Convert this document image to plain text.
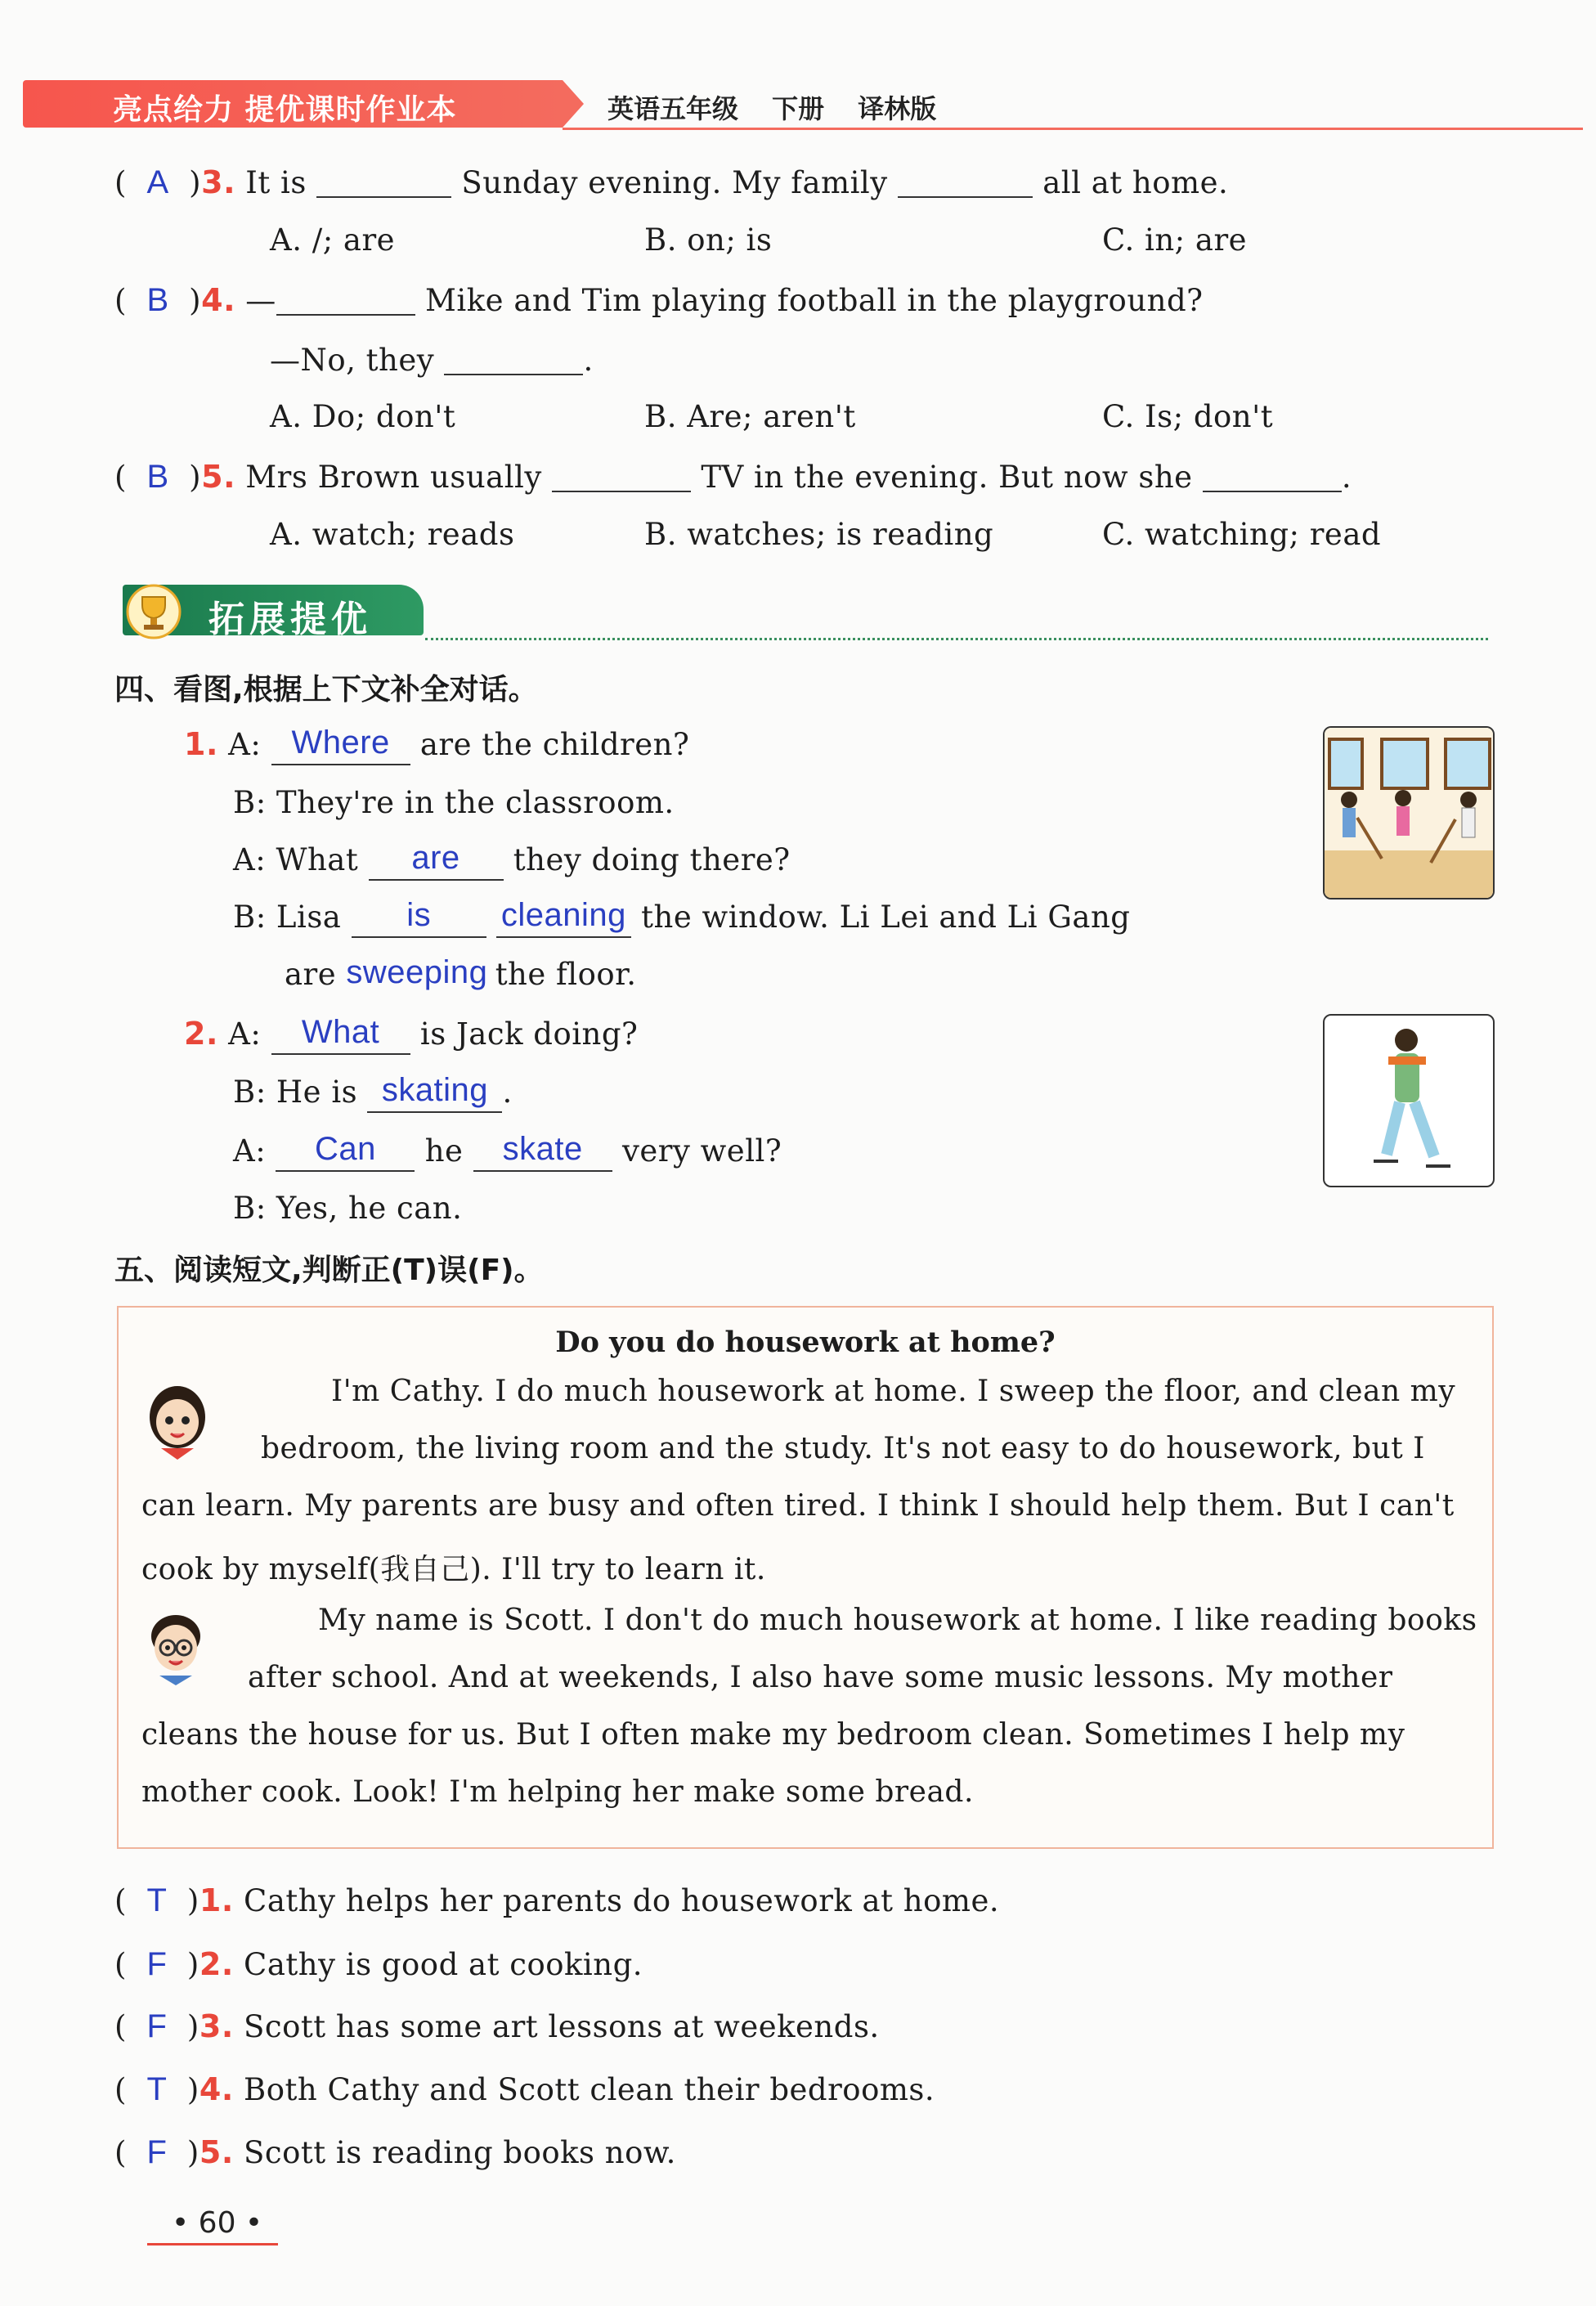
亮点给力 提优课时作业本	英语五年级 下册 译林版
(  A  )3. It is	Sunday evening. My family	all at home.
A. /; are	B. on; is	C. in; are
(  B  )4. —	Mike and Tim playing football in the playground?
—No, they	.
A. Do; don't	B. Are; aren't	C. Is; don't
(  B  )5. Mrs Brown usually	TV in the evening. But now she	.
A. watch; reads	B. watches; is reading	C. watching; read
拓展提优
四、看图,根据上下文补全对话。
1. A: Where are the children?
B: They're in the classroom.
A: What are they doing there?
B: Lisa is cleaning the window. Li Lei and Li Gang
are sweeping the floor.
2. A: What is Jack doing?
B: He is skating .
A: Can he skate very well?
B: Yes, he can.
五、阅读短文,判断正(T)误(F)。
Do you do housework at home?
I'm Cathy. I do much housework at home. I sweep the floor, and clean my
bedroom, the living room and the study. It's not easy to do housework, but I
can learn. My parents are busy and often tired. I think I should help them. But I can't
cook by myself(我自己). I'll try to learn it.
My name is Scott. I don't do much housework at home. I like reading books
after school. And at weekends, I also have some music lessons. My mother
cleans the house for us. But I often make my bedroom clean. Sometimes I help my
mother cook. Look! I'm helping her make some bread.
(  T  )1. Cathy helps her parents do housework at home.
(  F  )2. Cathy is good at cooking.
(  F  )3. Scott has some art lessons at weekends.
(  T  )4. Both Cathy and Scott clean their bedrooms.
(  F  )5. Scott is reading books now.
• 60 •
